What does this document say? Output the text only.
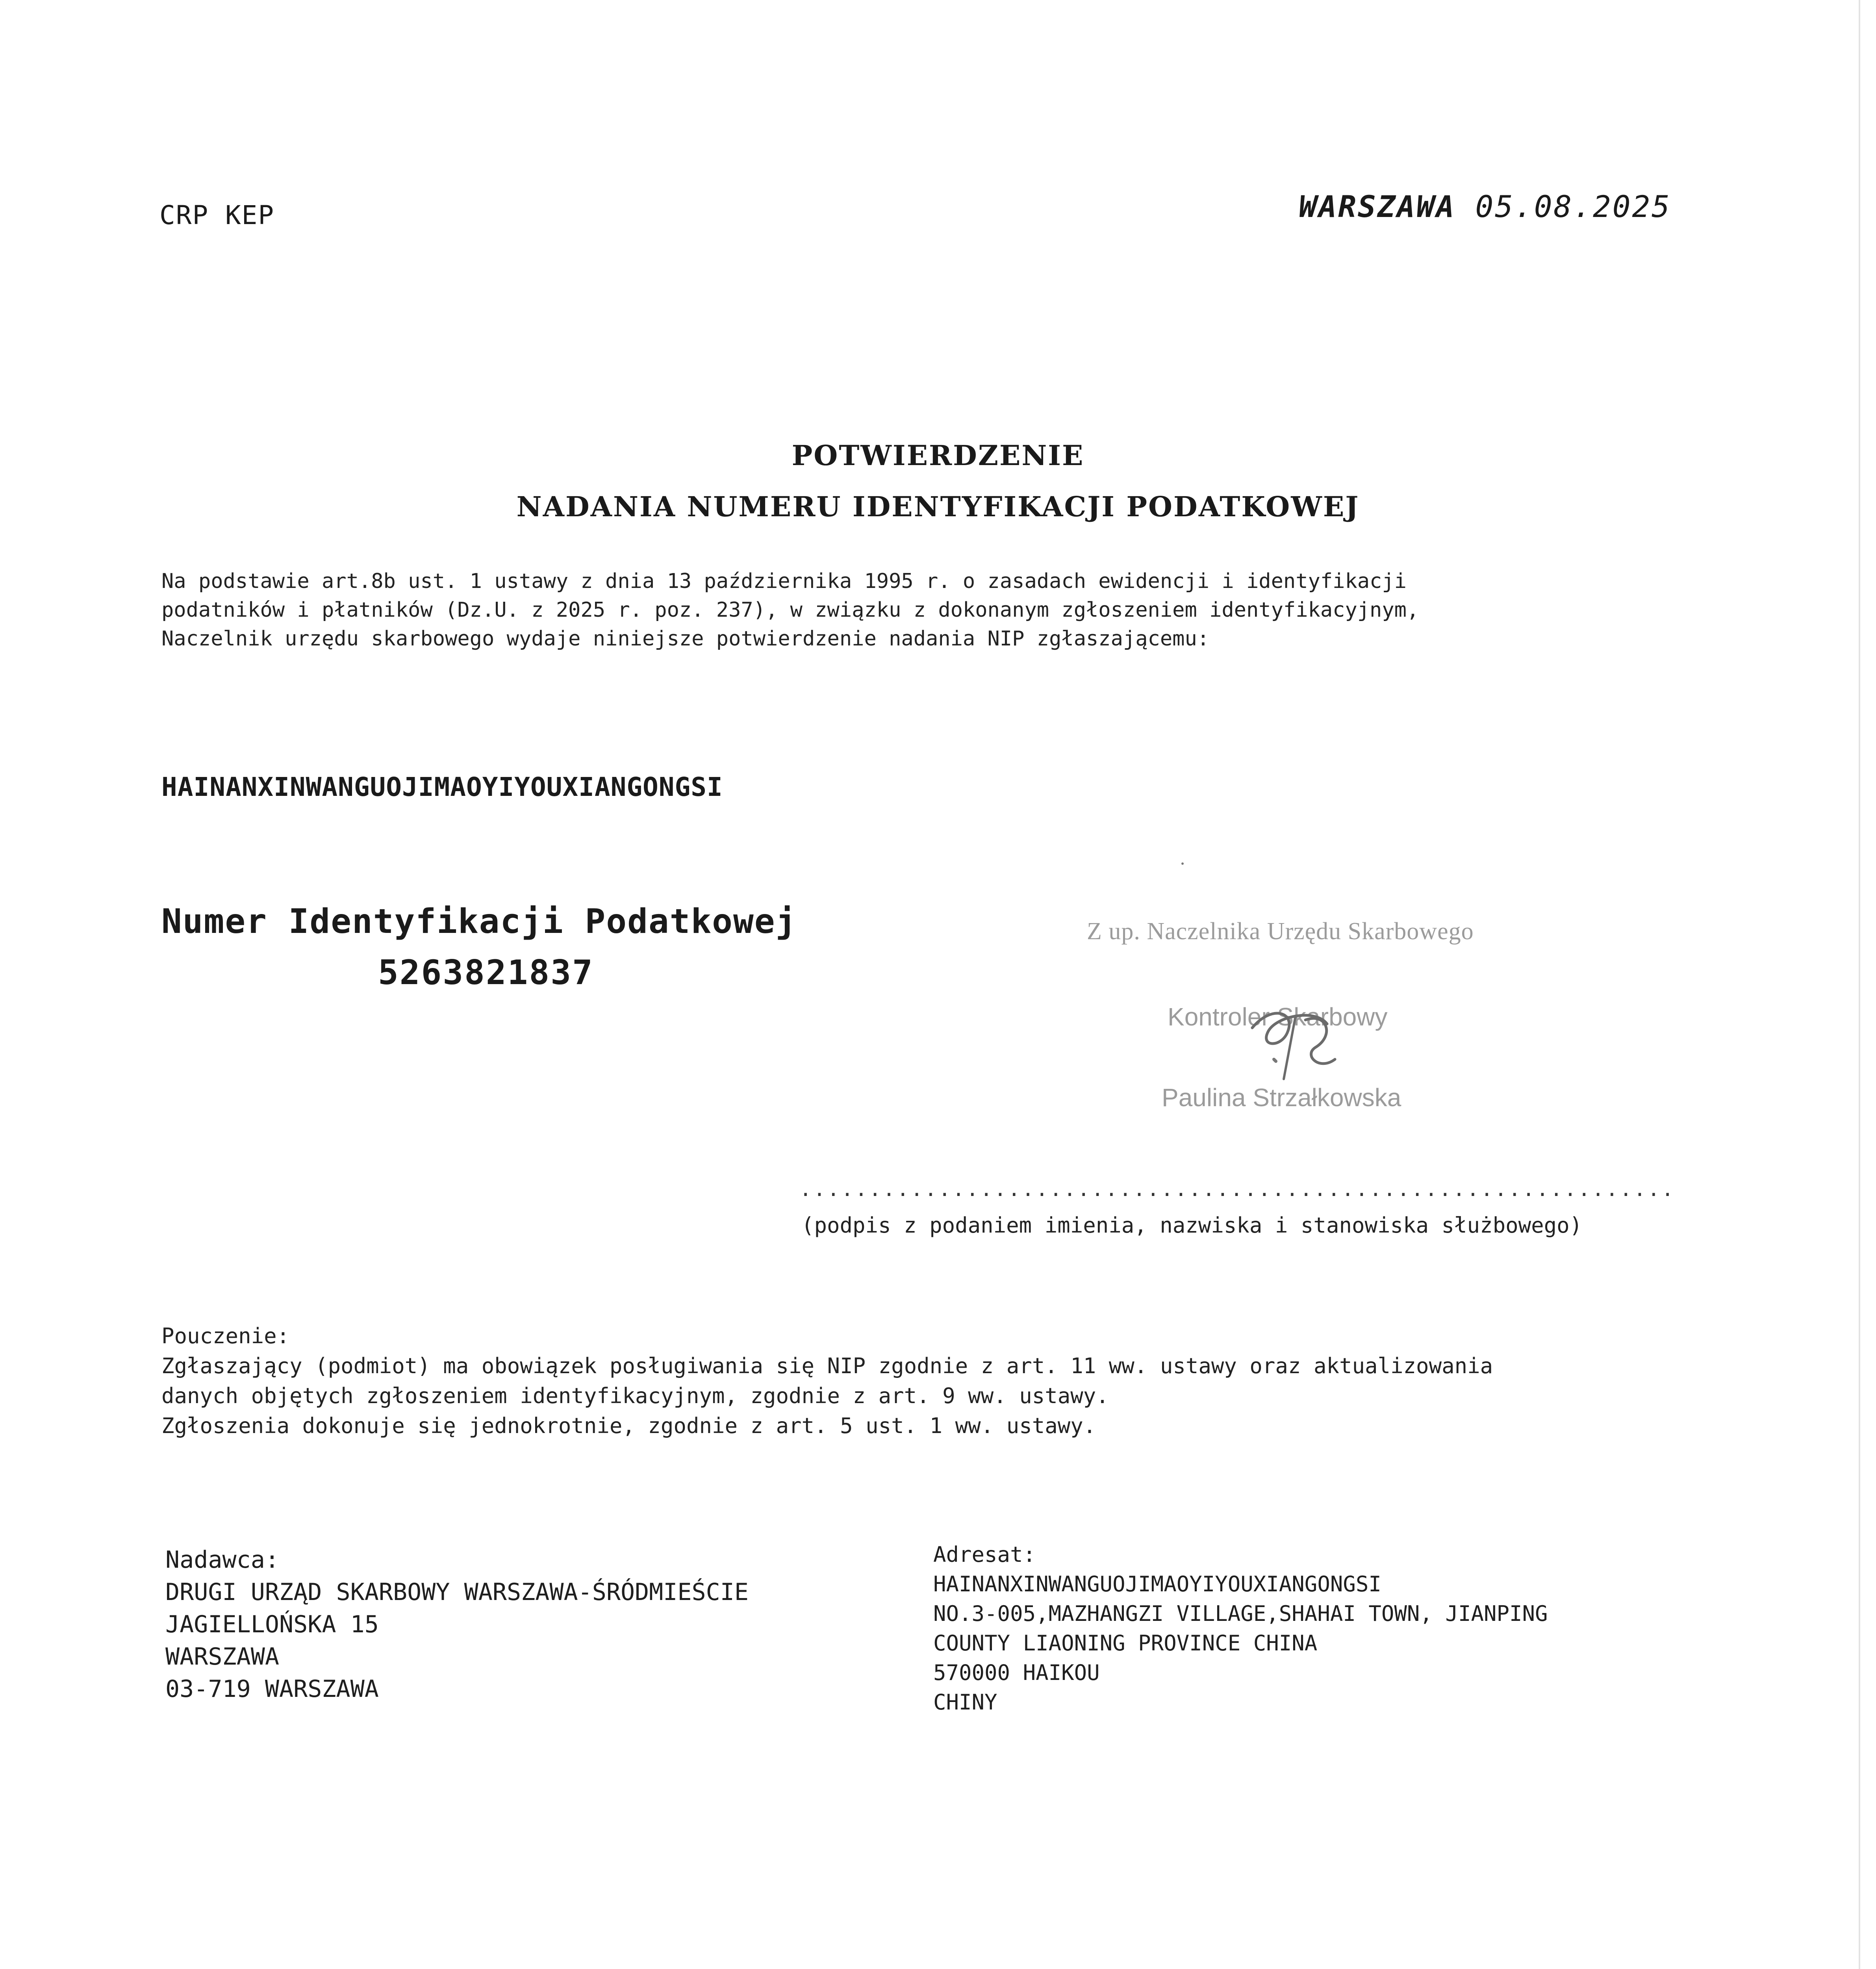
CRP KEP	WARSZAWA 05.08.2025
POTWIERDZENIE
NADANIA NUMERU IDENTYFIKACJI PODATKOWEJ
Na podstawie art.8b ust. 1 ustawy z dnia 13 października 1995 r. o zasadach ewidencji i identyfikacji
podatników i płatników (Dz.U. z 2025 r. poz. 237), w związku z dokonanym zgłoszeniem identyfikacyjnym,
Naczelnik urzędu skarbowego wydaje niniejsze potwierdzenie nadania NIP zgłaszającemu:
HAINANXINWANGUOJIMAOYIYOUXIANGONGSI
Numer Identyfikacji Podatkowej
5263821837
Z up. Naczelnika Urzędu Skarbowego
Kontroler Skarbowy
Paulina Strzałkowska
...............................................................
(podpis z podaniem imienia, nazwiska i stanowiska służbowego)
Pouczenie:
Zgłaszający (podmiot) ma obowiązek posługiwania się NIP zgodnie z art. 11 ww. ustawy oraz aktualizowania
danych objętych zgłoszeniem identyfikacyjnym, zgodnie z art. 9 ww. ustawy.
Zgłoszenia dokonuje się jednokrotnie, zgodnie z art. 5 ust. 1 ww. ustawy.
Nadawca:
DRUGI URZĄD SKARBOWY WARSZAWA-ŚRÓDMIEŚCIE
JAGIELLOŃSKA 15
WARSZAWA
03-719 WARSZAWA
Adresat:
HAINANXINWANGUOJIMAOYIYOUXIANGONGSI
NO.3-005,MAZHANGZI VILLAGE,SHAHAI TOWN, JIANPING
COUNTY LIAONING PROVINCE CHINA
570000 HAIKOU
CHINY
